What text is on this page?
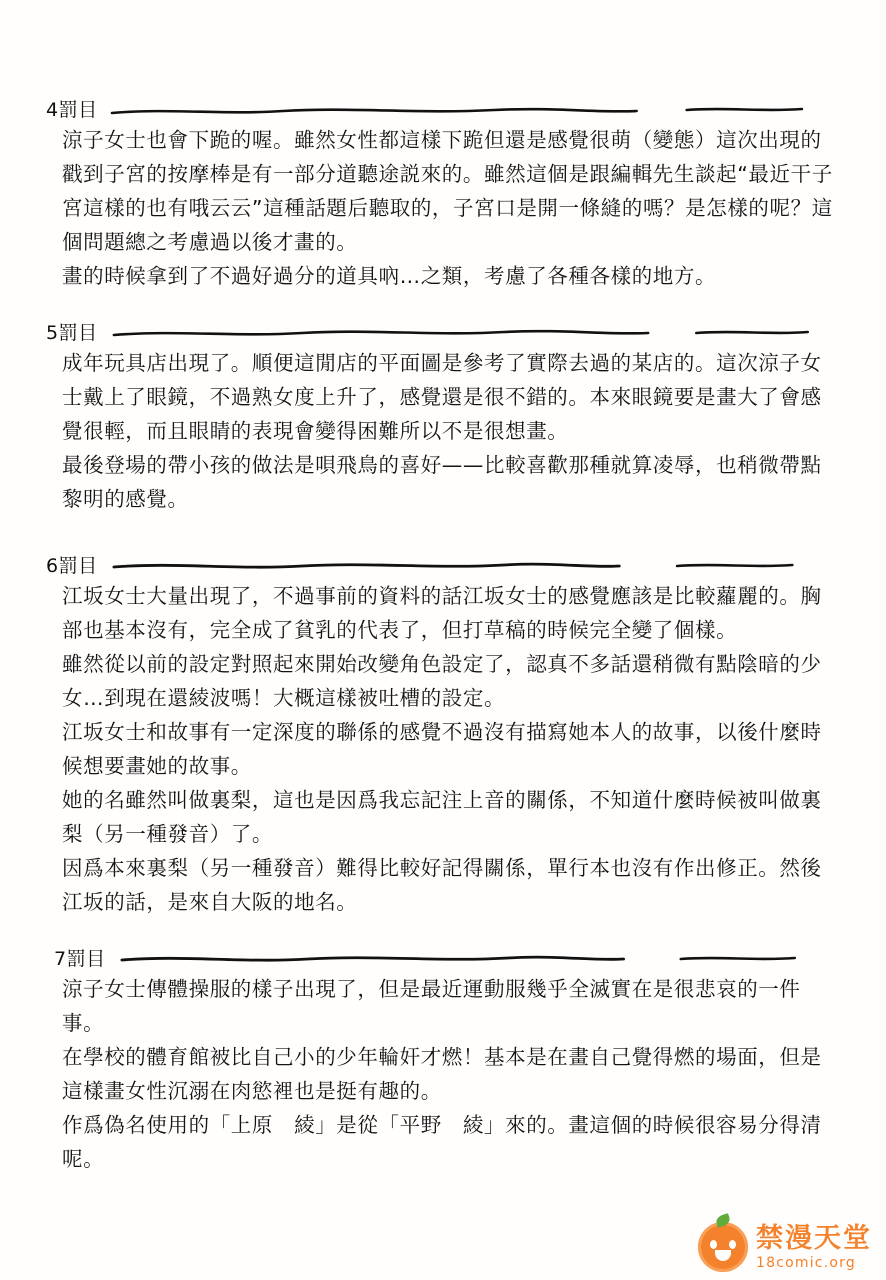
4罰目
涼子女士也會下跪的喔。雖然女性都這樣下跪但還是感覺很萌（變態）這次出現的戳到子宮的按摩棒是有一部分道聽途説來的。雖然這個是跟編輯先生談起“最近干子宮這樣的也有哦云云”這種話題后聽取的，子宮口是開一條縫的嗎？是怎樣的呢？這個問題總之考慮過以後才畫的。
畫的時候拿到了不過好過分的道具吶…之類，考慮了各種各樣的地方。
5罰目
成年玩具店出現了。順便這閒店的平面圖是參考了實際去過的某店的。這次涼子女士戴上了眼鏡，不過熟女度上升了，感覺還是很不錯的。本來眼鏡要是畫大了會感覺很輕，而且眼睛的表現會變得困難所以不是很想畫。
最後登場的帶小孩的做法是唄飛鳥的喜好——比較喜歡那種就算凌辱，也稍微帶點黎明的感覺。
6罰目
江坂女士大量出現了，不過事前的資料的話江坂女士的感覺應該是比較蘿麗的。胸部也基本沒有，完全成了貧乳的代表了，但打草稿的時候完全變了個樣。
雖然從以前的設定對照起來開始改變角色設定了，認真不多話還稍微有點陰暗的少女…到現在還綾波嗎！大概這樣被吐槽的設定。
江坂女士和故事有一定深度的聯係的感覺不過沒有描寫她本人的故事，以後什麼時候想要畫她的故事。
她的名雖然叫做裏梨，這也是因爲我忘記注上音的關係，不知道什麼時候被叫做裏梨（另一種發音）了。
因爲本來裏梨（另一種發音）難得比較好記得關係，單行本也沒有作出修正。然後江坂的話，是來自大阪的地名。
7罰目
涼子女士傳體操服的樣子出現了，但是最近運動服幾乎全滅實在是很悲哀的一件事。
在學校的體育館被比自己小的少年輪奸才燃！基本是在畫自己覺得燃的場面，但是這樣畫女性沉溺在肉慾裡也是挺有趣的。
作爲偽名使用的「上原　綾」是從「平野　綾」來的。畫這個的時候很容易分得清呢。
禁漫天堂
18comic.org
